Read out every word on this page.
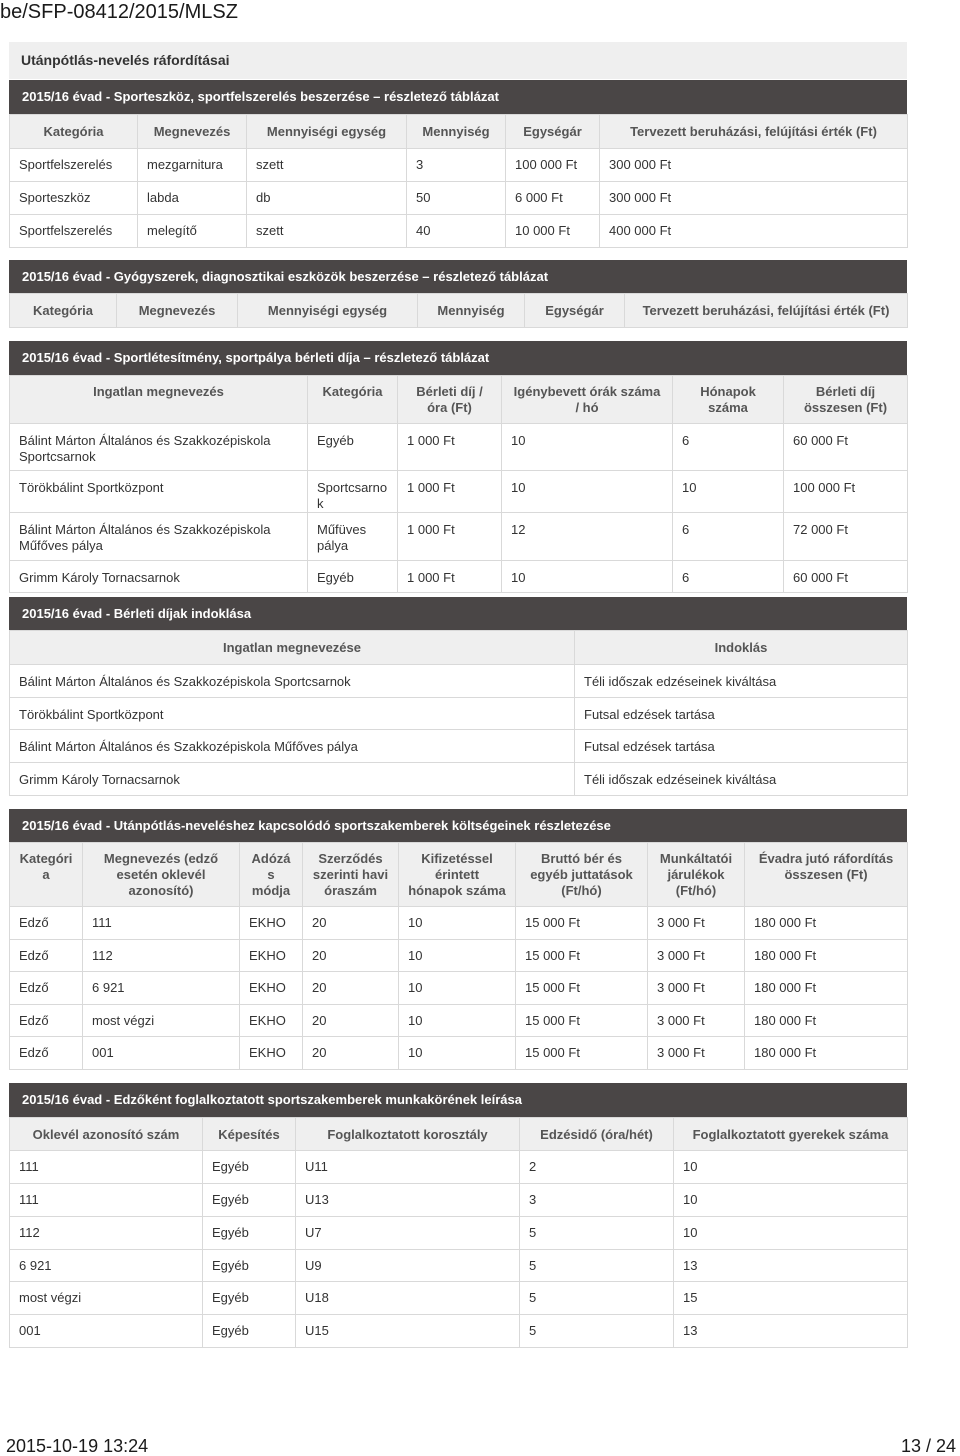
be/SFP-08412/2015/MLSZ
Utánpótlás-nevelés ráfordításai
2015/16 évad - Sporteszköz, sportfelszerelés beszerzése – részletező táblázat
Kategória	Megnevezés	Mennyiségi egység	Mennyiség	Egységár	Tervezett beruházási, felújítási érték (Ft)
Sportfelszerelés	mezgarnitura	szett	3	100 000 Ft	300 000 Ft
Sporteszköz	labda	db	50	6 000 Ft	300 000 Ft
Sportfelszerelés	melegítő	szett	40	10 000 Ft	400 000 Ft
2015/16 évad - Gyógyszerek, diagnosztikai eszközök beszerzése – részletező táblázat
Kategória	Megnevezés	Mennyiségi egység	Mennyiség	Egységár	Tervezett beruházási, felújítási érték (Ft)
2015/16 évad - Sportlétesítmény, sportpálya bérleti díja – részletező táblázat
Ingatlan megnevezés	Kategória	Bérleti díj / óra (Ft)	Igénybevett órák száma / hó	Hónapok száma	Bérleti díj összesen (Ft)
Bálint Márton Általános és Szakkozépiskola Sportcsarnok	Egyéb	1 000 Ft	10	6	60 000 Ft
Törökbálint Sportközpont	Sportcsarnok	1 000 Ft	10	10	100 000 Ft
Bálint Márton Általános és Szakkozépiskola Műfőves pálya	Műfüves pálya	1 000 Ft	12	6	72 000 Ft
Grimm Károly Tornacsarnok	Egyéb	1 000 Ft	10	6	60 000 Ft
2015/16 évad - Bérleti díjak indoklása
Ingatlan megnevezése	Indoklás
Bálint Márton Általános és Szakkozépiskola Sportcsarnok	Téli időszak edzéseinek kiváltása
Törökbálint Sportközpont	Futsal edzések tartása
Bálint Márton Általános és Szakkozépiskola Műfőves pálya	Futsal edzések tartása
Grimm Károly Tornacsarnok	Téli időszak edzéseinek kiváltása
2015/16 évad - Utánpótlás-neveléshez kapcsolódó sportszakemberek költségeinek részletezése
Kategória	Megnevezés (edző esetén oklevél azonosító)	Adózás módja	Szerződés szerinti havi óraszám	Kifizetéssel érintett hónapok száma	Bruttó bér és egyéb juttatások (Ft/hó)	Munkáltatói járulékok (Ft/hó)	Évadra jutó ráfordítás összesen (Ft)
Edző	111	EKHO	20	10	15 000 Ft	3 000 Ft	180 000 Ft
Edző	112	EKHO	20	10	15 000 Ft	3 000 Ft	180 000 Ft
Edző	6 921	EKHO	20	10	15 000 Ft	3 000 Ft	180 000 Ft
Edző	most végzi	EKHO	20	10	15 000 Ft	3 000 Ft	180 000 Ft
Edző	001	EKHO	20	10	15 000 Ft	3 000 Ft	180 000 Ft
2015/16 évad - Edzőként foglalkoztatott sportszakemberek munkakörének leírása
Oklevél azonosító szám	Képesítés	Foglalkoztatott korosztály	Edzésidő (óra/hét)	Foglalkoztatott gyerekek száma
111	Egyéb	U11	2	10
111	Egyéb	U13	3	10
112	Egyéb	U7	5	10
6 921	Egyéb	U9	5	13
most végzi	Egyéb	U18	5	15
001	Egyéb	U15	5	13
2015-10-19 13:24	13 / 24
